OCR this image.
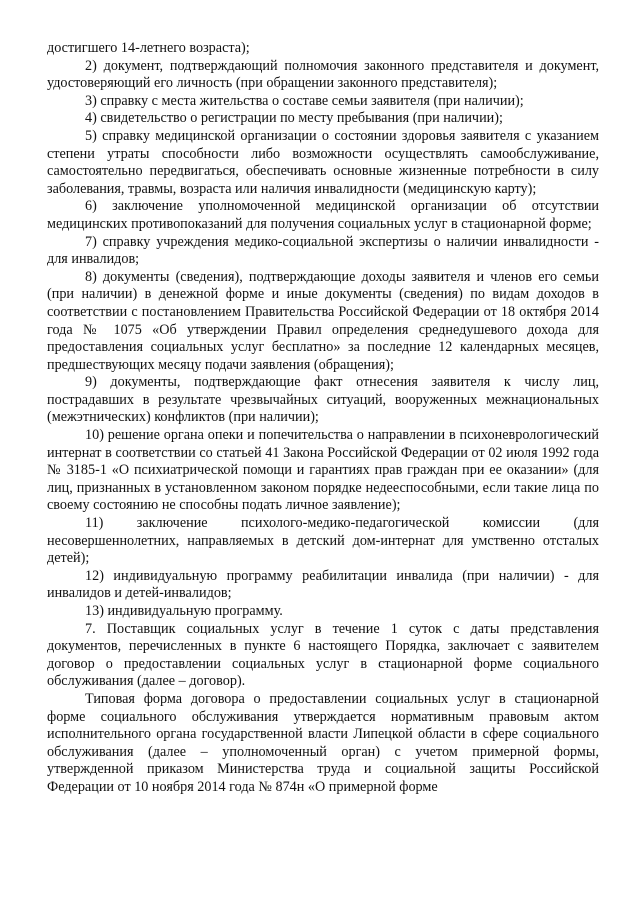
достигшего 14-летнего возраста);

2) документ, подтверждающий полномочия законного представителя и документ, удостоверяющий его личность (при обращении законного представителя);

3) справку с места жительства о составе семьи заявителя (при наличии);

4) свидетельство о регистрации по месту пребывания (при наличии);

5) справку медицинской организации о состоянии здоровья заявителя с указанием степени утраты способности либо возможности осуществлять самообслуживание, самостоятельно передвигаться, обеспечивать основные жизненные потребности в силу заболевания, травмы, возраста или наличия инвалидности (медицинскую карту);

6) заключение уполномоченной медицинской организации об отсутствии медицинских противопоказаний для получения социальных услуг в стационарной форме;

7) справку учреждения медико-социальной экспертизы о наличии инвалидности - для инвалидов;

8) документы (сведения), подтверждающие доходы заявителя и членов его семьи (при наличии) в денежной форме и иные документы (сведения) по видам доходов в соответствии с постановлением Правительства Российской Федерации от 18 октября 2014 года № 1075 «Об утверждении Правил определения среднедушевого дохода для предоставления социальных услуг бесплатно» за последние 12 календарных месяцев, предшествующих месяцу подачи заявления (обращения);

9) документы, подтверждающие факт отнесения заявителя к числу лиц, пострадавших в результате чрезвычайных ситуаций, вооруженных межнациональных (межэтнических) конфликтов (при наличии);

10) решение органа опеки и попечительства о направлении в психоневрологический интернат в соответствии со статьей 41 Закона Российской Федерации от 02 июля 1992 года № 3185-1 «О психиатрической помощи и гарантиях прав граждан при ее оказании» (для лиц, признанных в установленном законом порядке недееспособными, если такие лица по своему состоянию не способны подать личное заявление);

11) заключение психолого-медико-педагогической комиссии (для несовершеннолетних, направляемых в детский дом-интернат для умственно отсталых детей);

12) индивидуальную программу реабилитации инвалида (при наличии) - для инвалидов и детей-инвалидов;

13) индивидуальную программу.

7. Поставщик социальных услуг в течение 1 суток с даты представления документов, перечисленных в пункте 6 настоящего Порядка, заключает с заявителем договор о предоставлении социальных услуг в стационарной форме социального обслуживания (далее – договор).

Типовая форма договора о предоставлении социальных услуг в стационарной форме социального обслуживания утверждается нормативным правовым актом исполнительного органа государственной власти Липецкой области в сфере социального обслуживания (далее – уполномоченный орган) с учетом примерной формы, утвержденной приказом Министерства труда и социальной защиты Российской Федерации от 10 ноября 2014 года № 874н «О примерной форме
